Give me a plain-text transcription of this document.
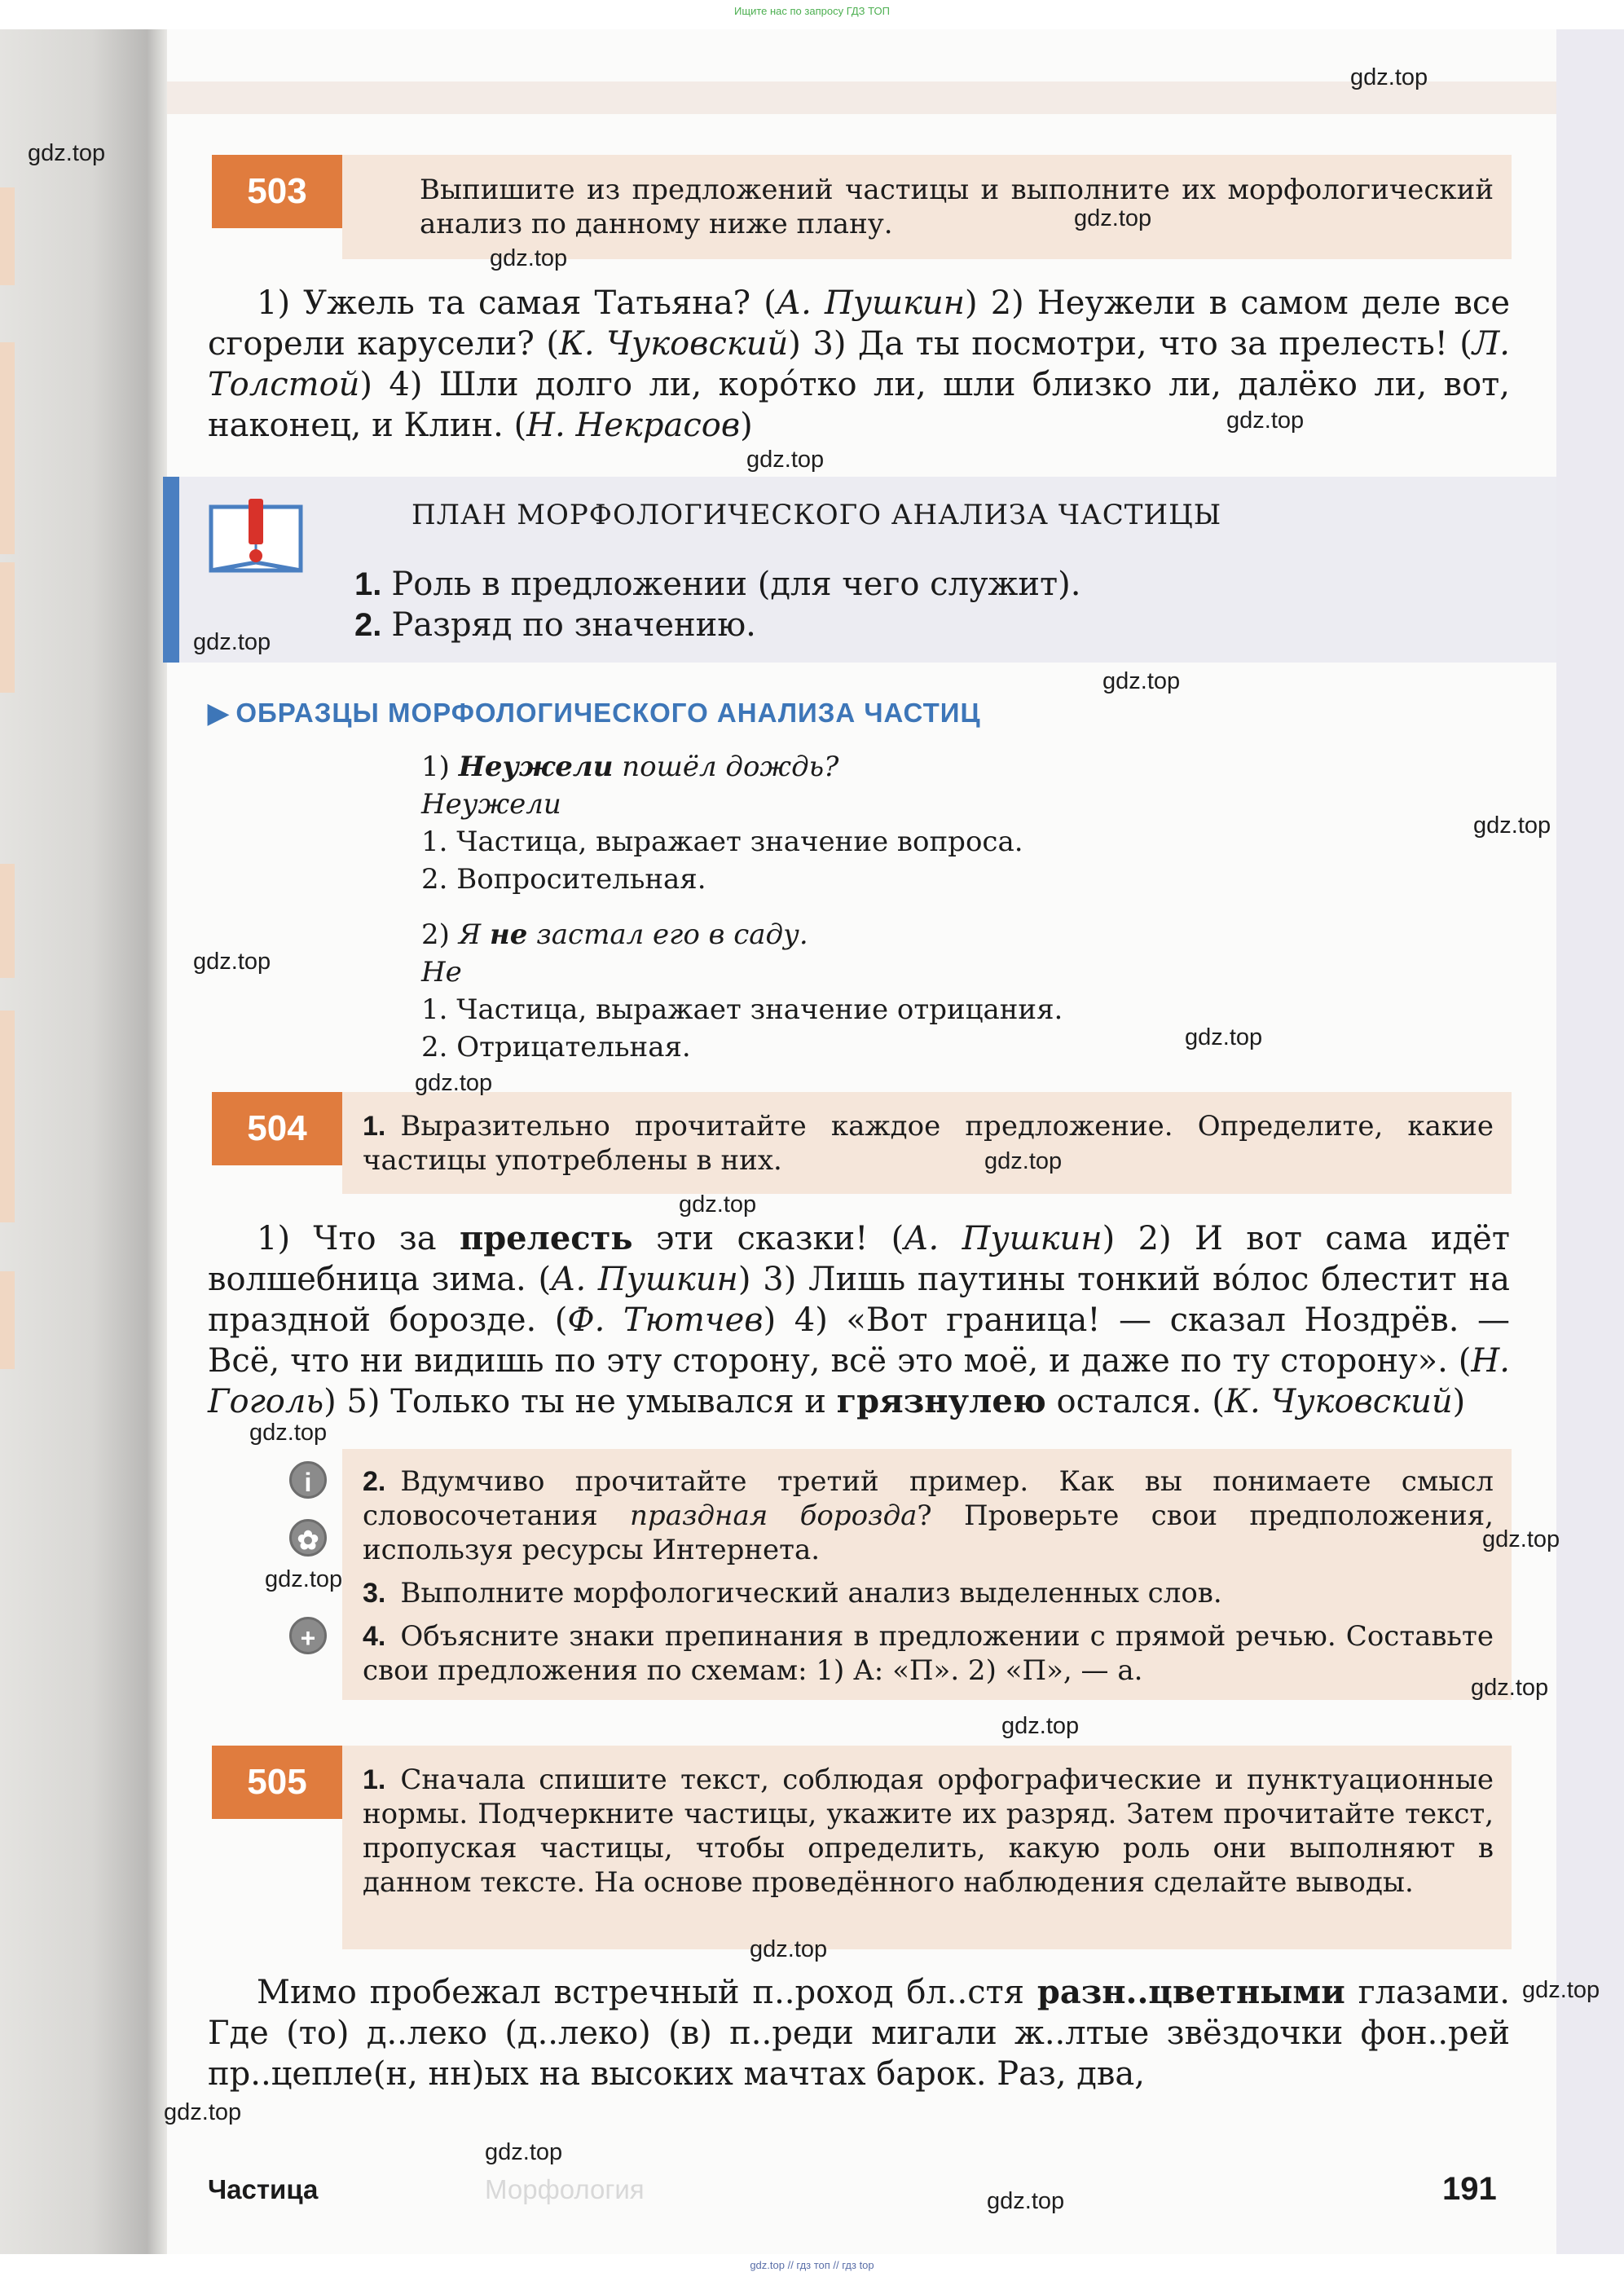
Ищите нас по запросу ГДЗ ТОП
503	Выпишите из предложений частицы и выполните их морфологический анализ по данному ниже плану.

1) Ужель та самая Татьяна? (А. Пушкин) 2) Неужели в самом деле все сгорели карусели? (К. Чуковский) 3) Да ты посмотри, что за прелесть! (Л. Толстой) 4) Шли долго ли, коро́тко ли, шли близко ли, далёко ли, вот, наконец, и Клин. (Н. Некрасов)

ПЛАН МОРФОЛОГИЧЕСКОГО АНАЛИЗА ЧАСТИЦЫ
1. Роль в предложении (для чего служит).
2. Разряд по значению.
▶ ОБРАЗЦЫ МОРФОЛОГИЧЕСКОГО АНАЛИЗА ЧАСТИЦ
1) Неужели пошёл дождь?
Неужели
1. Частица, выражает значение вопроса.
2. Вопросительная.
2) Я не застал его в саду.
Не
1. Частица, выражает значение отрицания.
2. Отрицательная.
504	1. Выразительно прочитайте каждое предложение. Определите, какие частицы употреблены в них.

1) Что за прелесть эти сказки! (А. Пушкин) 2) И вот сама идёт волшебница зима. (А. Пушкин) 3) Лишь паутины тонкий во́лос блестит на праздной борозде. (Ф. Тютчев) 4) «Вот граница! — сказал Ноздрёв. — Всё, что ни видишь по эту сторону, всё это моё, и даже по ту сторону». (Н. Гоголь) 5) Только ты не умывался и грязнулею остался. (К. Чуковский)

i
✿
+
2. Вдумчиво прочитайте третий пример. Как вы понимаете смысл словосочетания праздная борозда? Проверьте свои предположения, используя ресурсы Интернета.
3. Выполните морфологический анализ выделенных слов.
4. Объясните знаки препинания в предложении с прямой речью. Составьте свои предложения по схемам: 1) А: «П». 2) «П», — а.
505	1. Сначала спишите текст, соблюдая орфографические и пунктуационные нормы. Подчеркните частицы, укажите их разряд. Затем прочитайте текст, пропуская частицы, чтобы определить, какую роль они выполняют в данном тексте. На основе проведённого наблюдения сделайте выводы.

Мимо пробежал встречный п..роход бл..стя разн..цветными глазами. Где (то) д..леко (д..леко) (в) п..реди мигали ж..лтые звёздочки фон..рей пр..цепле(н, нн)ых на высоких мачтах барок. Раз, два,

Морфология
Частица	191
gdz.top
gdz.top
gdz.top
gdz.top
gdz.top
gdz.top
gdz.top
gdz.top
gdz.top
gdz.top
gdz.top
gdz.top
gdz.top
gdz.top
gdz.top
gdz.top
gdz.top
gdz.top
gdz.top
gdz.top
gdz.top
gdz.top
gdz.top
gdz.top
gdz.top // гдз топ // гдз top
